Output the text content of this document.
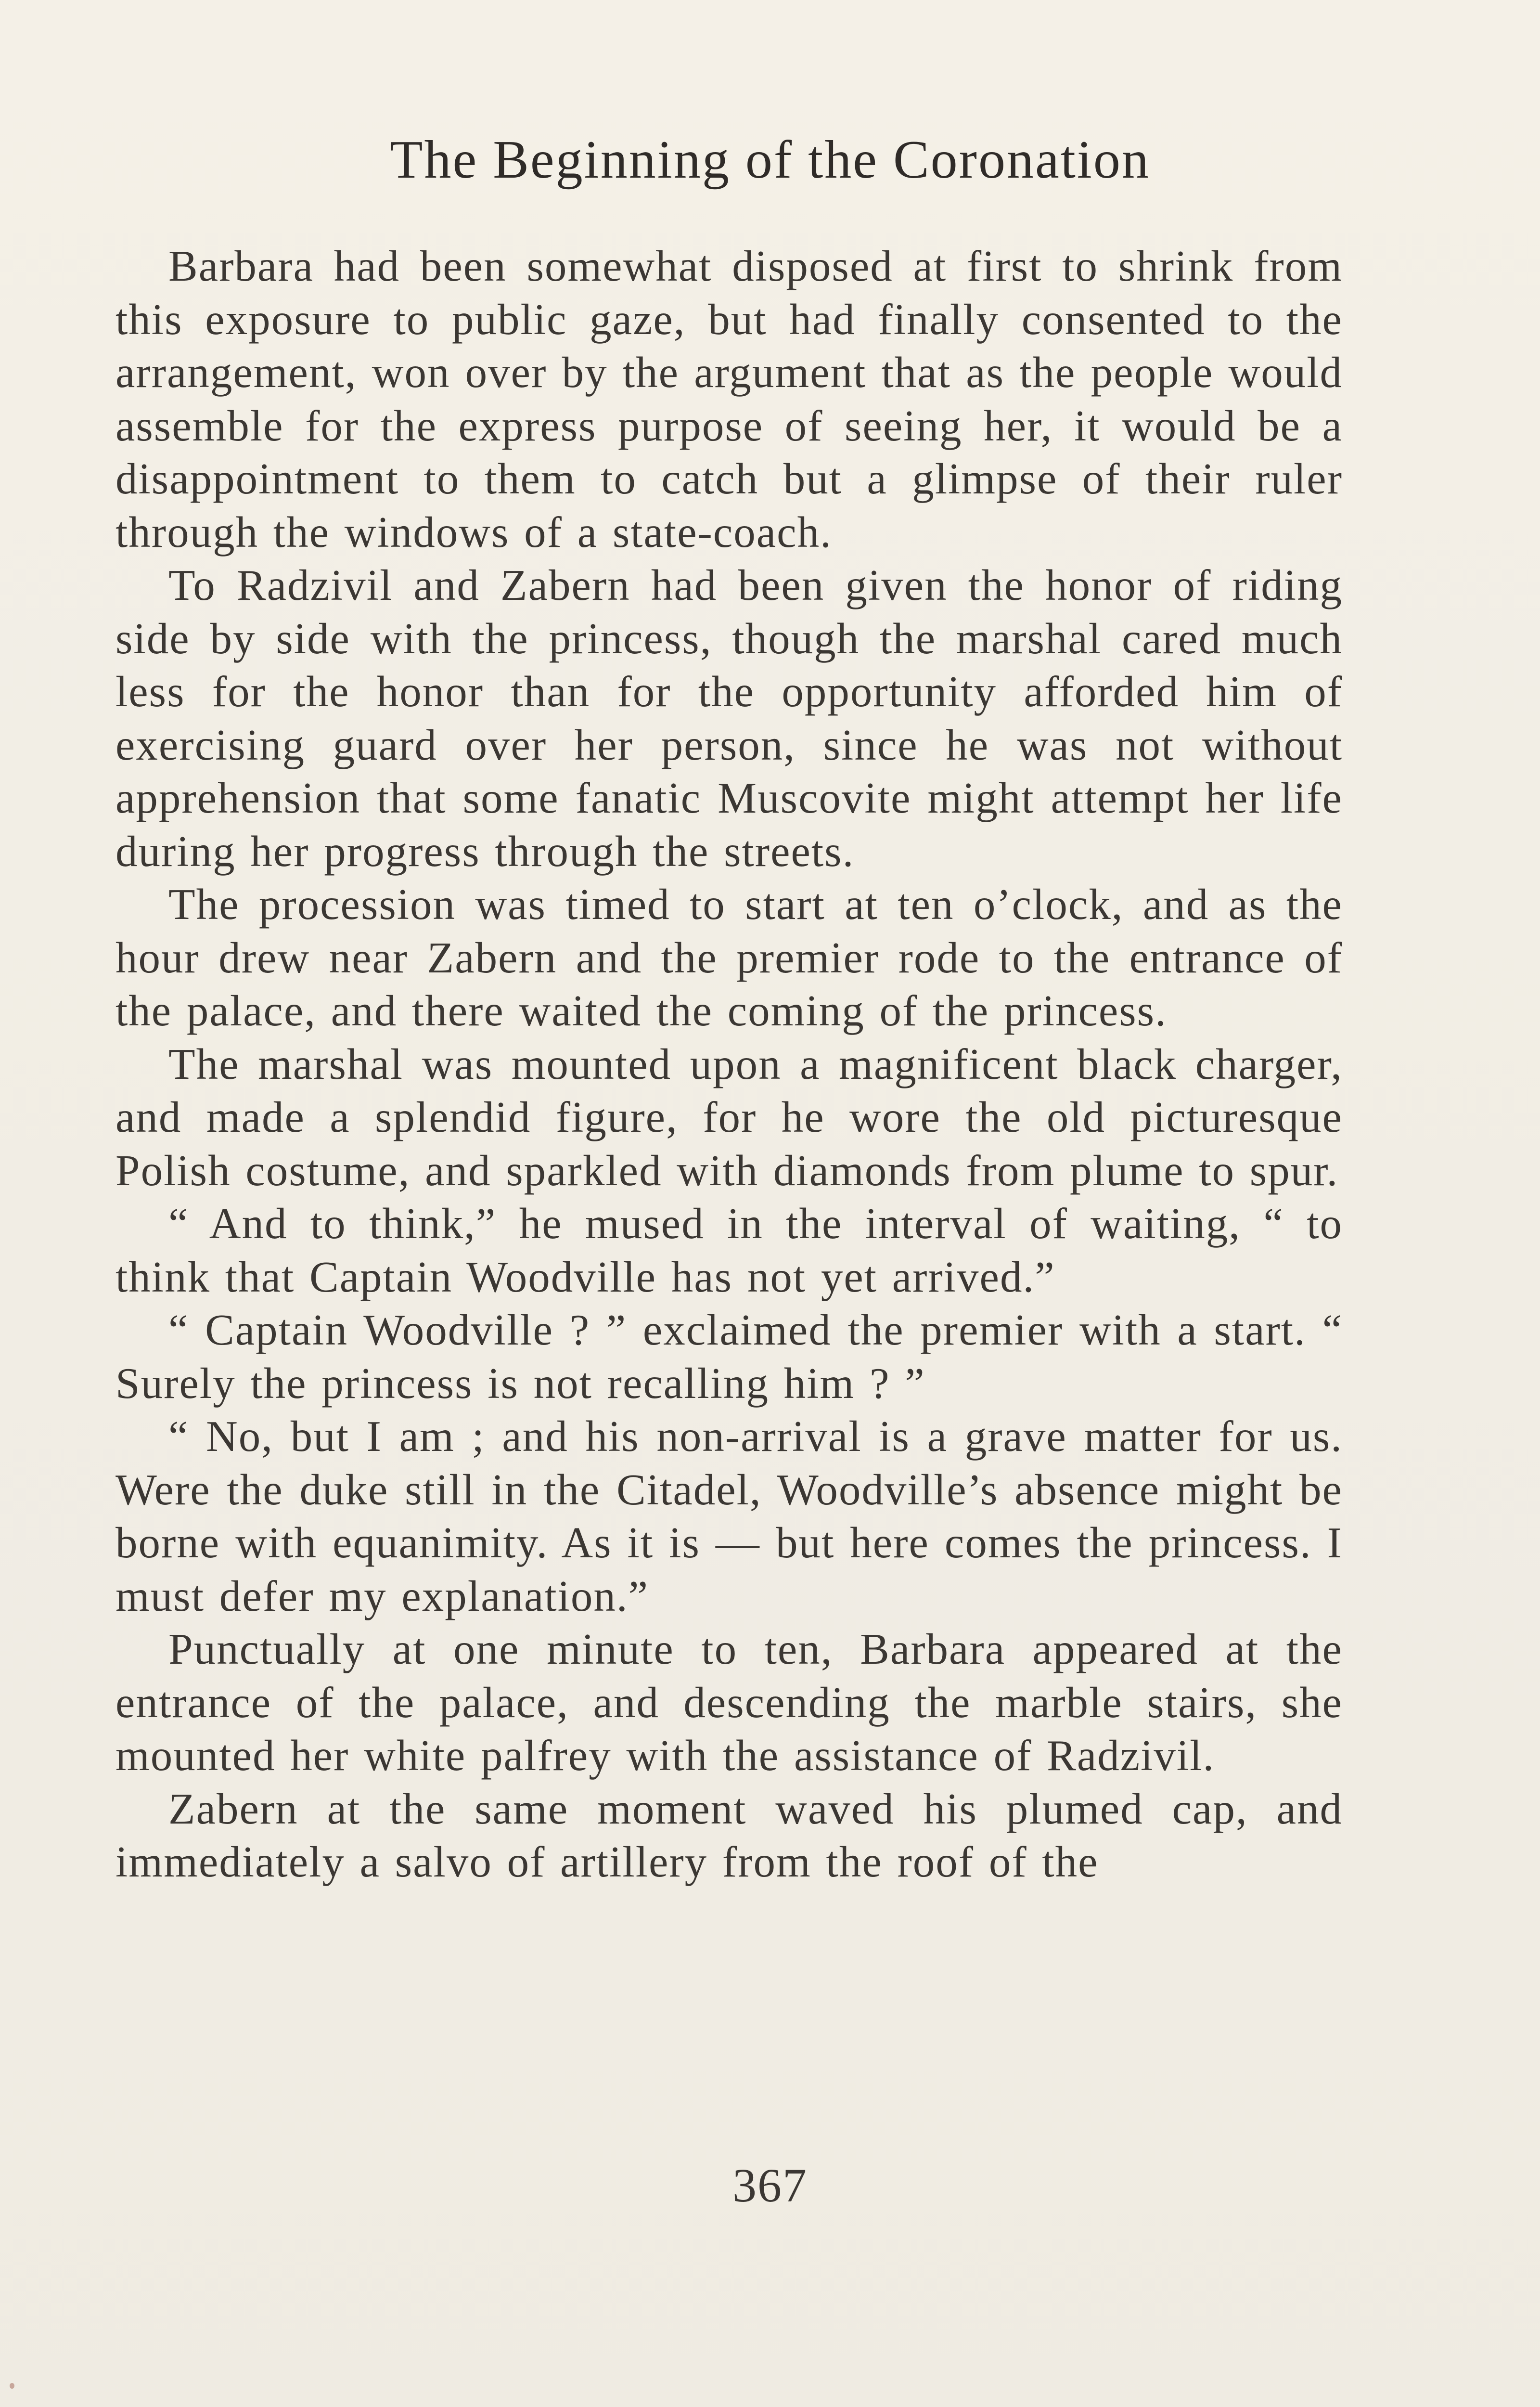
The Beginning of the Coronation

Barbara had been somewhat disposed at first to shrink from this exposure to public gaze, but had finally consented to the arrangement, won over by the argument that as the people would assemble for the express purpose of seeing her, it would be a disappointment to them to catch but a glimpse of their ruler through the windows of a state-coach.

To Radzivil and Zabern had been given the honor of riding side by side with the princess, though the marshal cared much less for the honor than for the opportunity afforded him of exercising guard over her person, since he was not without apprehension that some fanatic Muscovite might attempt her life during her progress through the streets.

The procession was timed to start at ten o’clock, and as the hour drew near Zabern and the premier rode to the entrance of the palace, and there waited the coming of the princess.

The marshal was mounted upon a magnificent black charger, and made a splendid figure, for he wore the old picturesque Polish costume, and sparkled with diamonds from plume to spur.

“ And to think,” he mused in the interval of waiting, “ to think that Captain Woodville has not yet arrived.”

“ Captain Woodville ? ” exclaimed the premier with a start. “ Surely the princess is not recalling him ? ”

“ No, but I am ; and his non-arrival is a grave matter for us. Were the duke still in the Citadel, Woodville’s absence might be borne with equanimity. As it is — but here comes the princess. I must defer my explanation.”

Punctually at one minute to ten, Barbara appeared at the entrance of the palace, and descending the marble stairs, she mounted her white palfrey with the assistance of Radzivil.

Zabern at the same moment waved his plumed cap, and immediately a salvo of artillery from the roof of the

367
